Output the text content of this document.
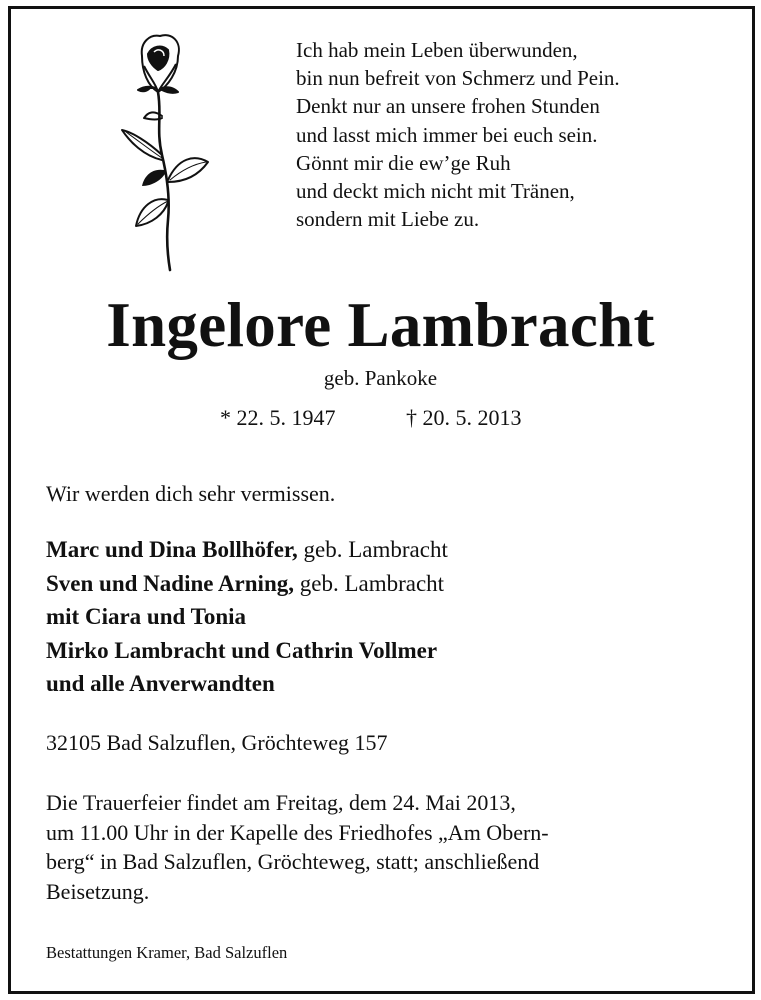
Ich hab mein Leben überwunden,
bin nun befreit von Schmerz und Pein.
Denkt nur an unsere frohen Stunden
und lasst mich immer bei euch sein.
Gönnt mir die ew’ge Ruh
und deckt mich nicht mit Tränen,
sondern mit Liebe zu.
Ingelore Lambracht
geb. Pankoke
* 22. 5. 1947	† 20. 5. 2013
Wir werden dich sehr vermissen.
Marc und Dina Bollhöfer, geb. Lambracht
Sven und Nadine Arning, geb. Lambracht
mit Ciara und Tonia
Mirko Lambracht und Cathrin Vollmer
und alle Anverwandten
32105 Bad Salzuflen, Gröchteweg 157
Die Trauerfeier findet am Freitag, dem 24. Mai 2013,
um 11.00 Uhr in der Kapelle des Friedhofes „Am Obern-
berg“ in Bad Salzuflen, Gröchteweg, statt; anschließend
Beisetzung.
Bestattungen Kramer, Bad Salzuflen
